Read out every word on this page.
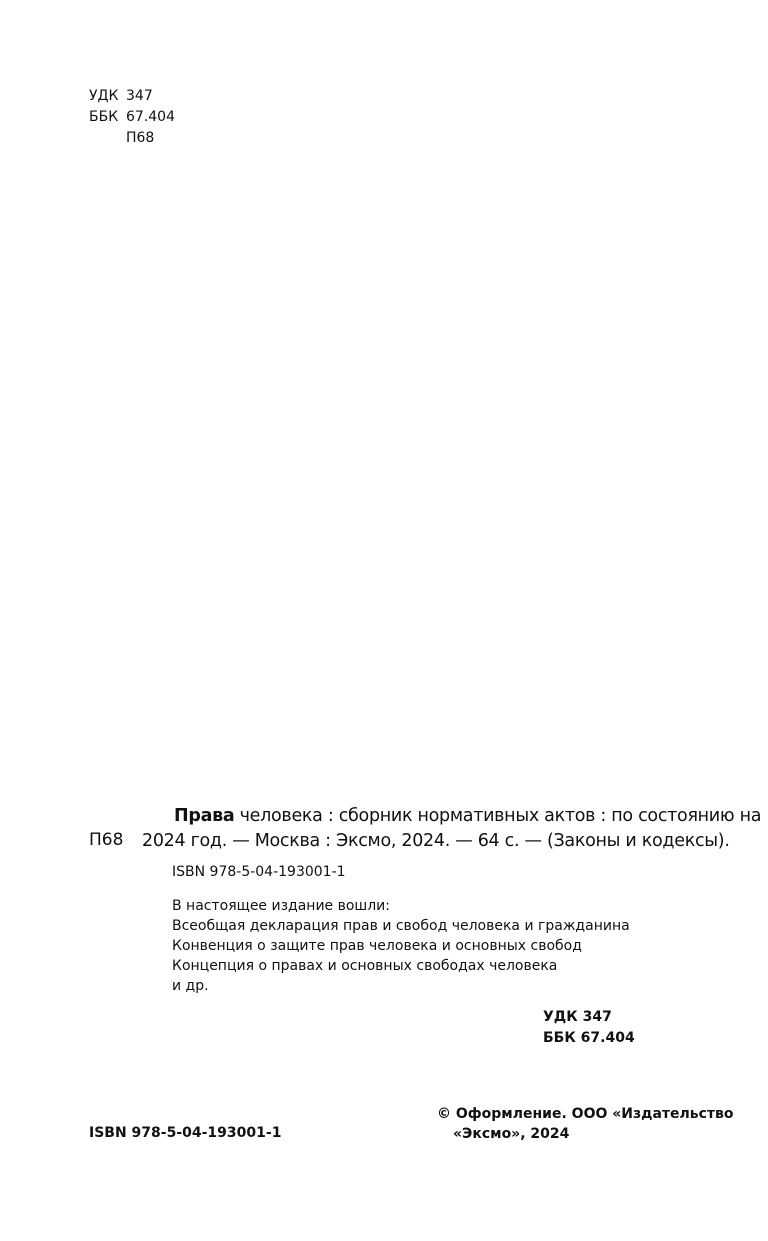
УДК 347
ББК 67.404
П68
Права человека : сборник нормативных актов : по состоянию на
2024 год. — Москва : Эксмо, 2024. — 64 с. — (Законы и кодексы).
П68
ISBN 978-5-04-193001-1
В настоящее издание вошли:
Всеобщая декларация прав и свобод человека и гражданина
Конвенция о защите прав человека и основных свобод
Концепция о правах и основных свободах человека
и др.
УДК 347
ББК 67.404
ISBN 978-5-04-193001-1
© Оформление. ООО «Издательство
«Эксмо», 2024
